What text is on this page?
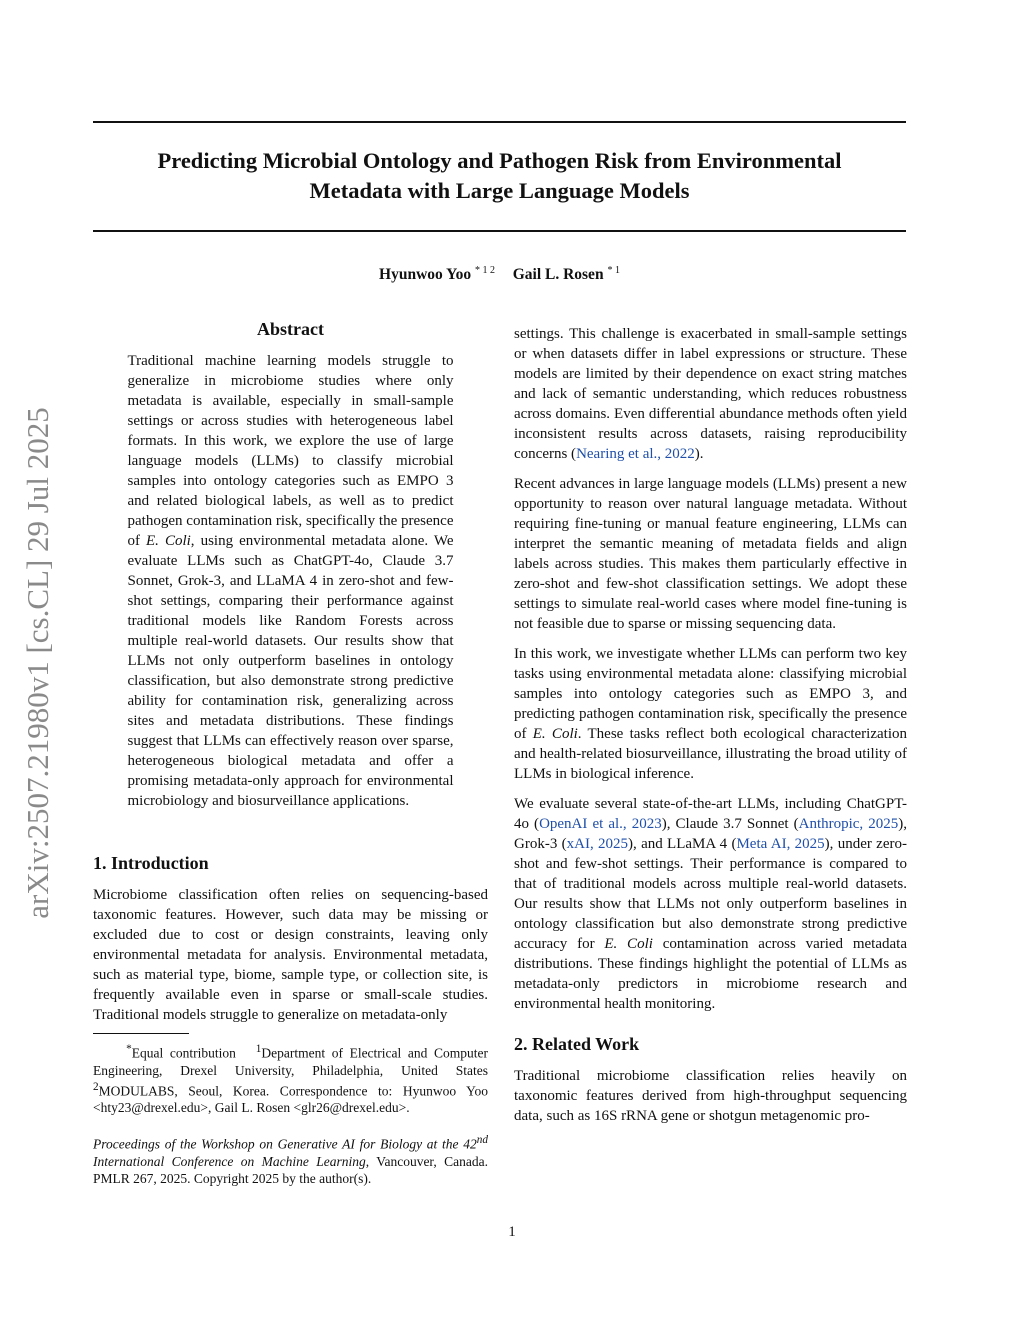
Predicting Microbial Ontology and Pathogen Risk from Environmental
Metadata with Large Language Models
Hyunwoo Yoo $^{* 1 2}$ Gail L. Rosen $^{* 1}$
arXiv:2507.21980v1 [cs.CL] 29 Jul 2025
Abstract

Traditional machine learning models struggle to generalize in microbiome studies where only metadata is available, especially in small-sample settings or across studies with heterogeneous label formats. In this work, we explore the use of large language models (LLMs) to classify microbial samples into ontology categories such as EMPO 3 and related biological labels, as well as to predict pathogen contamination risk, specifically the presence of E. Coli, using environmental metadata alone. We evaluate LLMs such as ChatGPT-4o, Claude 3.7 Sonnet, Grok-3, and LLaMA 4 in zero-shot and few-shot settings, comparing their performance against traditional models like Random Forests across multiple real-world datasets. Our results show that LLMs not only outperform baselines in ontology classification, but also demonstrate strong predictive ability for contamination risk, generalizing across sites and metadata distributions. These findings suggest that LLMs can effectively reason over sparse, heterogeneous biological metadata and offer a promising metadata-only approach for environmental microbiology and biosurveillance applications.

1. Introduction

Microbiome classification often relies on sequencing-based taxonomic features. However, such data may be missing or excluded due to cost or design constraints, leaving only environmental metadata for analysis. Environmental metadata, such as material type, biome, sample type, or collection site, is frequently available even in sparse or small-scale studies. Traditional models struggle to generalize on metadata-only

*Equal contribution $^1$Department of Electrical and Computer Engineering, Drexel University, Philadelphia, United States $^2$MODULABS, Seoul, Korea. Correspondence to: Hyunwoo Yoo <hty23@drexel.edu>, Gail L. Rosen <glr26@drexel.edu>.

Proceedings of the Workshop on Generative AI for Biology at the 42nd International Conference on Machine Learning, Vancouver, Canada. PMLR 267, 2025. Copyright 2025 by the author(s).

settings. This challenge is exacerbated in small-sample settings or when datasets differ in label expressions or structure. These models are limited by their dependence on exact string matches and lack of semantic understanding, which reduces robustness across domains. Even differential abundance methods often yield inconsistent results across datasets, raising reproducibility concerns (Nearing et al., 2022).

Recent advances in large language models (LLMs) present a new opportunity to reason over natural language metadata. Without requiring fine-tuning or manual feature engineering, LLMs can interpret the semantic meaning of metadata fields and align labels across studies. This makes them particularly effective in zero-shot and few-shot classification settings. We adopt these settings to simulate real-world cases where model fine-tuning is not feasible due to sparse or missing sequencing data.

In this work, we investigate whether LLMs can perform two key tasks using environmental metadata alone: classifying microbial samples into ontology categories such as EMPO 3, and predicting pathogen contamination risk, specifically the presence of E. Coli. These tasks reflect both ecological characterization and health-related biosurveillance, illustrating the broad utility of LLMs in biological inference.

We evaluate several state-of-the-art LLMs, including ChatGPT-4o (OpenAI et al., 2023), Claude 3.7 Sonnet (Anthropic, 2025), Grok-3 (xAI, 2025), and LLaMA 4 (Meta AI, 2025), under zero-shot and few-shot settings. Their performance is compared to that of traditional models across multiple real-world datasets. Our results show that LLMs not only outperform baselines in ontology classification but also demonstrate strong predictive accuracy for E. Coli contamination across varied metadata distributions. These findings highlight the potential of LLMs as metadata-only predictors in microbiome research and environmental health monitoring.

2. Related Work

Traditional microbiome classification relies heavily on taxonomic features derived from high-throughput sequencing data, such as 16S rRNA gene or shotgun metagenomic pro-

1
